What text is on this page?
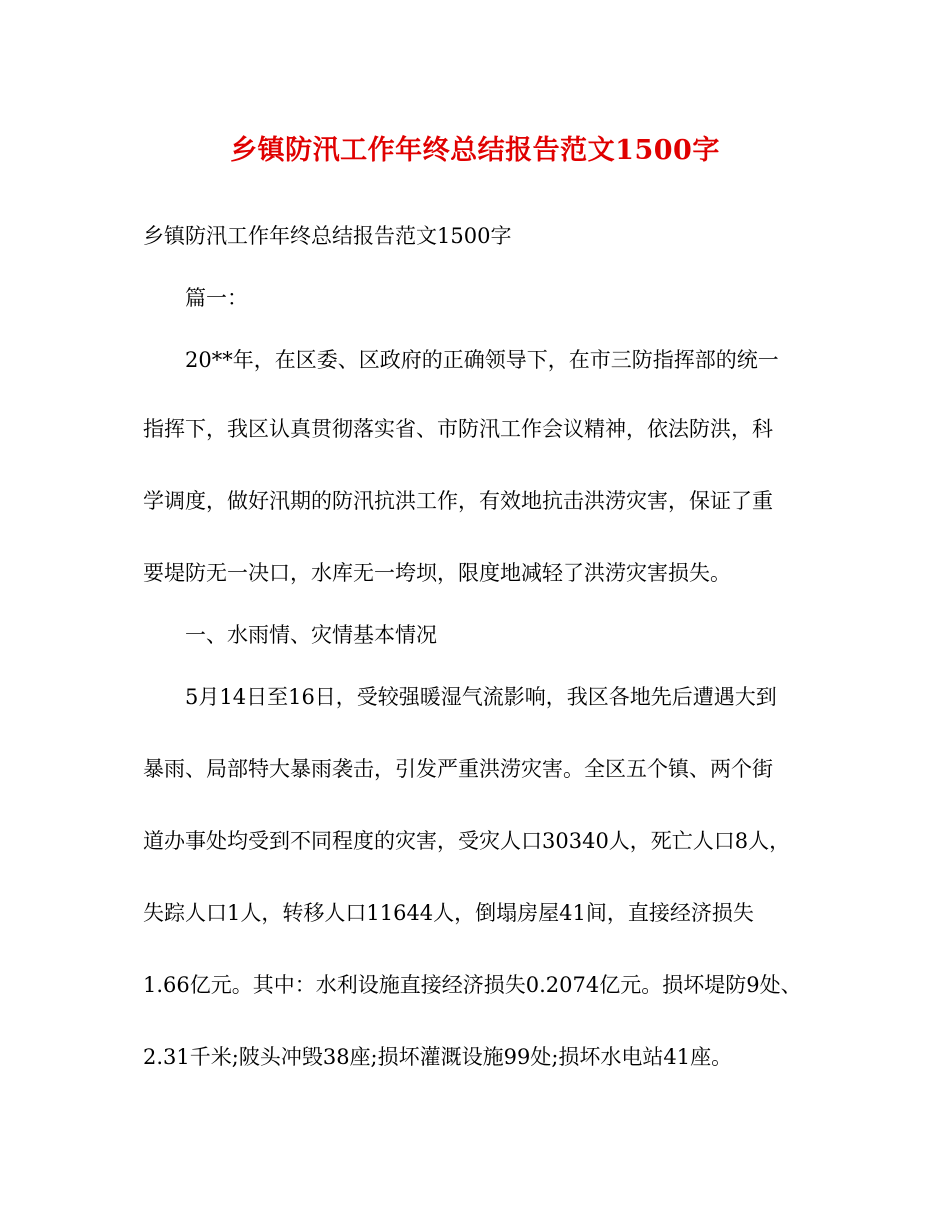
乡镇防汛工作年终总结报告范文1500字
乡镇防汛工作年终总结报告范文1500字
篇一：
20**年，在区委、区政府的正确领导下，在市三防指挥部的统一
指挥下，我区认真贯彻落实省、市防汛工作会议精神，依法防洪，科
学调度，做好汛期的防汛抗洪工作，有效地抗击洪涝灾害，保证了重
要堤防无一决口，水库无一垮坝，限度地减轻了洪涝灾害损失。
一、水雨情、灾情基本情况
5月14日至16日，受较强暖湿气流影响，我区各地先后遭遇大到
暴雨、局部特大暴雨袭击，引发严重洪涝灾害。全区五个镇、两个街
道办事处均受到不同程度的灾害，受灾人口30340人，死亡人口8人，
失踪人口1人，转移人口11644人，倒塌房屋41间，直接经济损失
1.66亿元。其中：水利设施直接经济损失0.2074亿元。损坏堤防9处、
2.31千米;陂头冲毁38座;损坏灌溉设施99处;损坏水电站41座。
